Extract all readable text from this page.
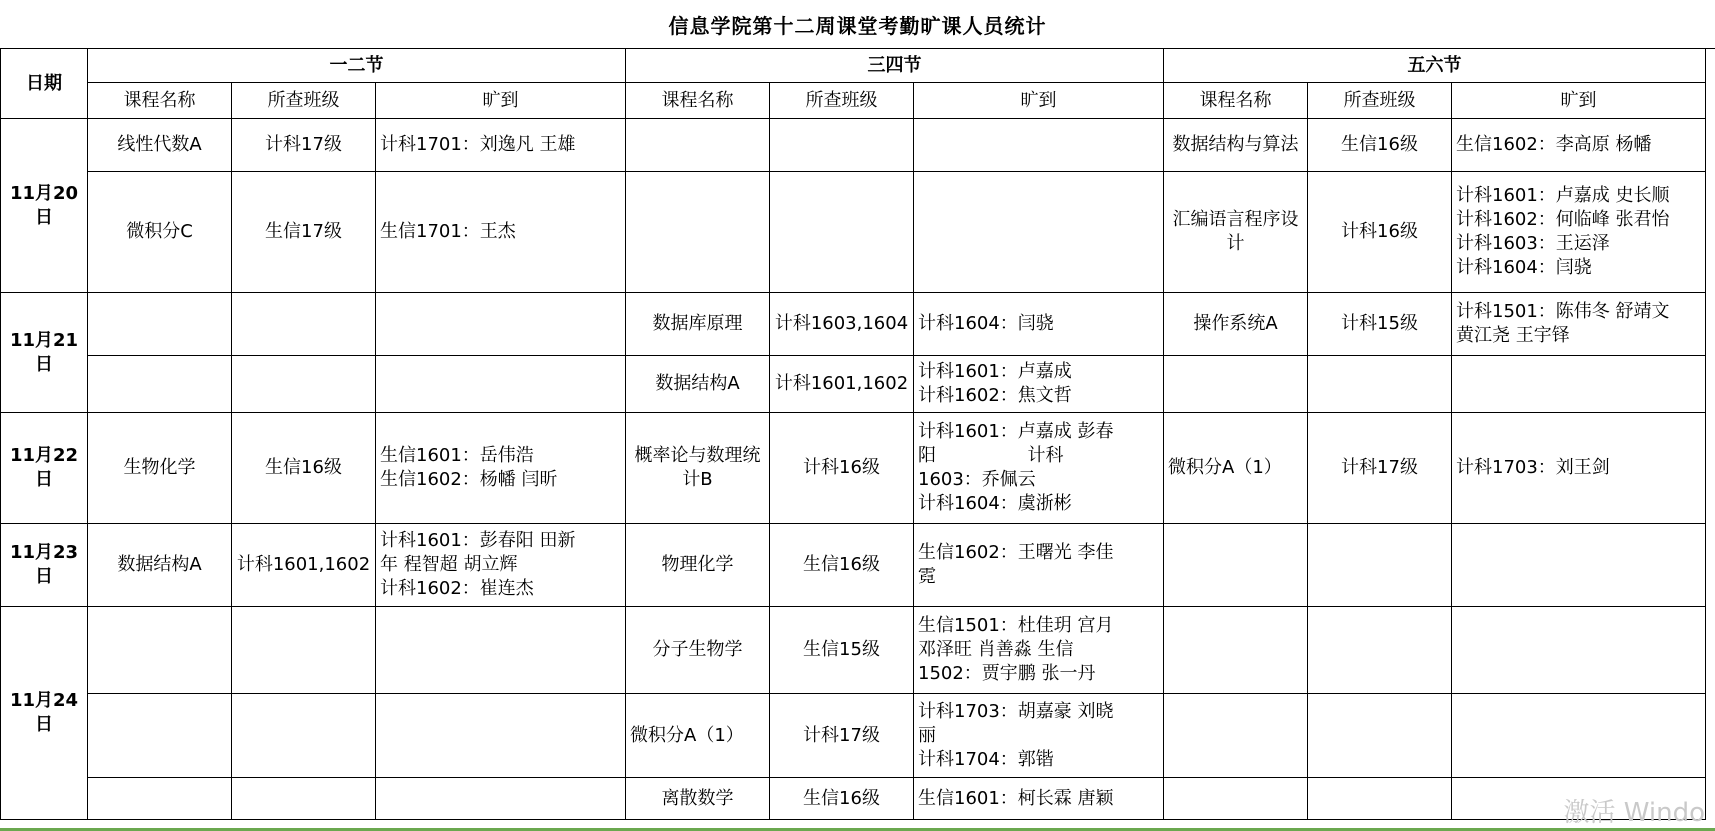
信息学院第十二周课堂考勤旷课人员统计
日期	一二节			三四节			五六节		
	课程名称	所查班级	旷到	课程名称	所查班级	旷到	课程名称	所查班级	旷到
11月20日	线性代数A	计科17级	计科1701：刘逸凡 王雄				数据结构与算法	生信16级	生信1602：李高原 杨幡

	微积分C	生信17级	生信1701：王杰				汇编语言程序设计	计科16级	计科1601：卢嘉成 史长顺
计科1602：何临峰 张君怡
计科1603：王运泽
计科1604：闫骁

11月21日				数据库原理	计科1603,1604	计科1604：闫骁	操作系统A	计科15级	计科1501：陈伟冬 舒靖文
黄江尧 王宇铎

				数据结构A	计科1601,1602	计科1601：卢嘉成
计科1602：焦文哲			

11月22日	生物化学	生信16级	生信1601：岳伟浩
生信1602：杨幡 闫昕	概率论与数理统计B	计科16级	计科1601：卢嘉成 彭春
阳                计科
1603：乔佩云
计科1604：虞浙彬	微积分A（1）	计科17级	计科1703：刘王剑

11月23日	数据结构A	计科1601,1602	计科1601：彭春阳 田新
年 程智超 胡立辉
计科1602：崔连杰	物理化学	生信16级	生信1602：王曙光 李佳
霓			

11月24日				分子生物学	生信15级	生信1501：杜佳玥 宫月
邓泽旺 肖善淼 生信
1502：贾宇鹏 张一丹			

				微积分A（1）	计科17级	计科1703：胡嘉豪 刘晓
丽
计科1704：郭锴			

				离散数学	生信16级	生信1601：柯长霖 唐颖			
				激活 Windo
